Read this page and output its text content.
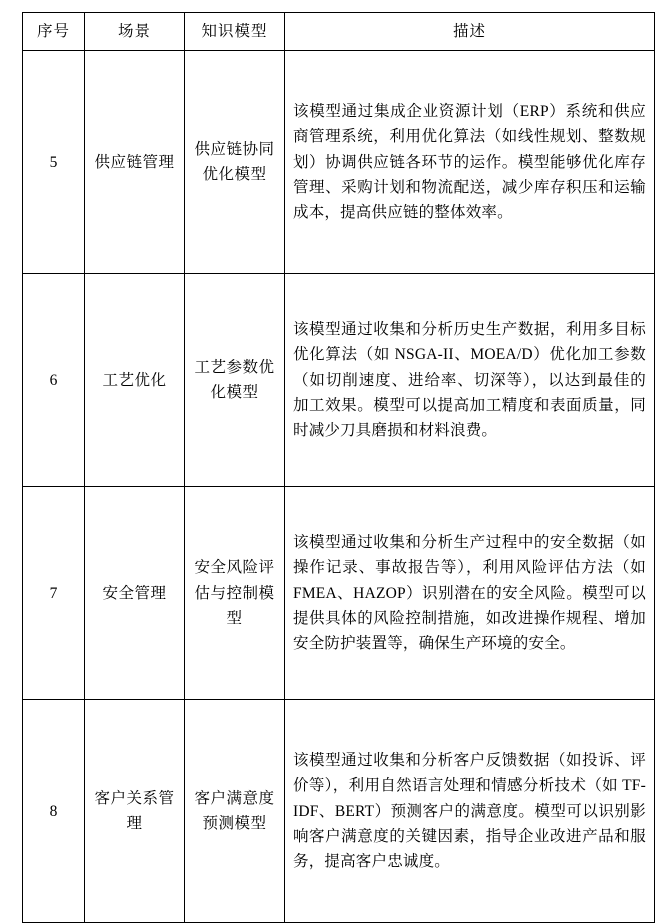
序号	场景	知识模型	描述
5	供应链管理	供应链协同优化模型	该模型通过集成企业资源计划（ERP）系统和供应商管理系统，利用优化算法（如线性规划、整数规划）协调供应链各环节的运作。模型能够优化库存管理、采购计划和物流配送，减少库存积压和运输成本，提高供应链的整体效率。
6	工艺优化	工艺参数优化模型	该模型通过收集和分析历史生产数据，利用多目标优化算法（如 NSGA-II、MOEA/D）优化加工参数（如切削速度、进给率、切深等），以达到最佳的加工效果。模型可以提高加工精度和表面质量，同时减少刀具磨损和材料浪费。
7	安全管理	安全风险评估与控制模型	该模型通过收集和分析生产过程中的安全数据（如操作记录、事故报告等），利用风险评估方法（如 FMEA、HAZOP）识别潜在的安全风险。模型可以提供具体的风险控制措施，如改进操作规程、增加安全防护装置等，确保生产环境的安全。
8	客户关系管理	客户满意度预测模型	该模型通过收集和分析客户反馈数据（如投诉、评价等），利用自然语言处理和情感分析技术（如 TF-IDF、BERT）预测客户的满意度。模型可以识别影响客户满意度的关键因素，指导企业改进产品和服务，提高客户忠诚度。
